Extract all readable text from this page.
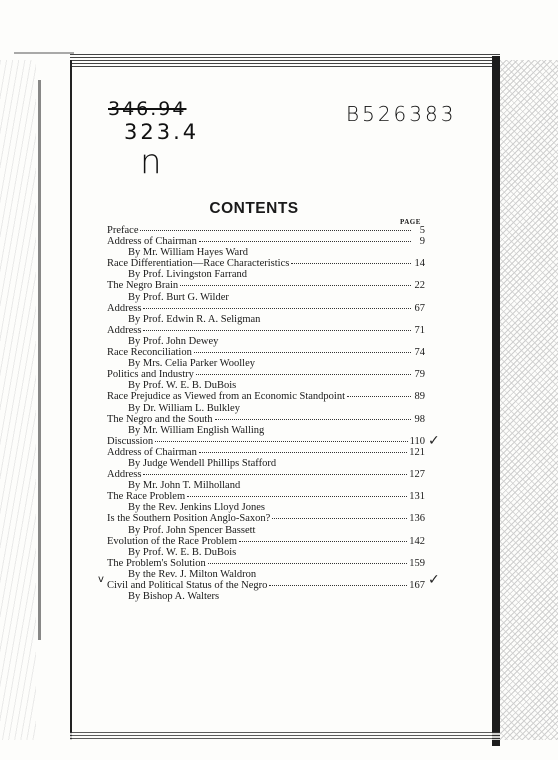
346.94
323.4
n
B526383
CONTENTS
PAGE
Preface	5
Address of Chairman	9
By Mr. William Hayes Ward
Race Differentiation—Race Characteristics	14
By Prof. Livingston Farrand
The Negro Brain	22
By Prof. Burt G. Wilder
Address	67
By Prof. Edwin R. A. Seligman
Address	71
By Prof. John Dewey
Race Reconciliation	74
By Mrs. Celia Parker Woolley
Politics and Industry	79
By Prof. W. E. B. DuBois
Race Prejudice as Viewed from an Economic Standpoint	89
By Dr. William L. Bulkley
The Negro and the South	98
By Mr. William English Walling
Discussion	110
Address of Chairman	121
By Judge Wendell Phillips Stafford
Address	127
By Mr. John T. Milholland
The Race Problem	131
By the Rev. Jenkins Lloyd Jones
Is the Southern Position Anglo-Saxon?	136
By Prof. John Spencer Bassett
Evolution of the Race Problem	142
By Prof. W. E. B. DuBois
The Problem's Solution	159
By the Rev. J. Milton Waldron
Civil and Political Status of the Negro	167
By Bishop A. Walters
✓
✓
v
